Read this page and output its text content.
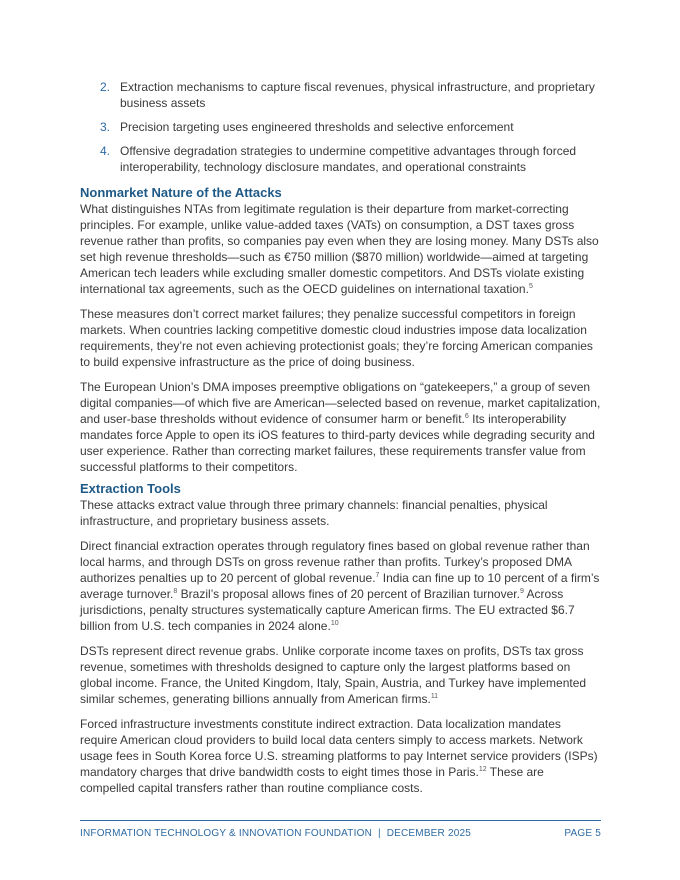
2. Extraction mechanisms to capture fiscal revenues, physical infrastructure, and proprietary business assets
3. Precision targeting uses engineered thresholds and selective enforcement
4. Offensive degradation strategies to undermine competitive advantages through forced interoperability, technology disclosure mandates, and operational constraints
Nonmarket Nature of the Attacks

What distinguishes NTAs from legitimate regulation is their departure from market-correcting principles. For example, unlike value-added taxes (VATs) on consumption, a DST taxes gross revenue rather than profits, so companies pay even when they are losing money. Many DSTs also set high revenue thresholds—such as €750 million ($870 million) worldwide—aimed at targeting American tech leaders while excluding smaller domestic competitors. And DSTs violate existing international tax agreements, such as the OECD guidelines on international taxation.$^5$

These measures don’t correct market failures; they penalize successful competitors in foreign markets. When countries lacking competitive domestic cloud industries impose data localization requirements, they’re not even achieving protectionist goals; they’re forcing American companies to build expensive infrastructure as the price of doing business.

The European Union’s DMA imposes preemptive obligations on “gatekeepers,” a group of seven digital companies—of which five are American—selected based on revenue, market capitalization, and user-base thresholds without evidence of consumer harm or benefit.$^6$ Its interoperability mandates force Apple to open its iOS features to third-party devices while degrading security and user experience. Rather than correcting market failures, these requirements transfer value from successful platforms to their competitors.

Extraction Tools

These attacks extract value through three primary channels: financial penalties, physical infrastructure, and proprietary business assets.

Direct financial extraction operates through regulatory fines based on global revenue rather than local harms, and through DSTs on gross revenue rather than profits. Turkey’s proposed DMA authorizes penalties up to 20 percent of global revenue.$^7$ India can fine up to 10 percent of a firm’s average turnover.$^8$ Brazil’s proposal allows fines of 20 percent of Brazilian turnover.$^9$ Across jurisdictions, penalty structures systematically capture American firms. The EU extracted $6.7 billion from U.S. tech companies in 2024 alone.$^{10}$

DSTs represent direct revenue grabs. Unlike corporate income taxes on profits, DSTs tax gross revenue, sometimes with thresholds designed to capture only the largest platforms based on global income. France, the United Kingdom, Italy, Spain, Austria, and Turkey have implemented similar schemes, generating billions annually from American firms.$^{11}$

Forced infrastructure investments constitute indirect extraction. Data localization mandates require American cloud providers to build local data centers simply to access markets. Network usage fees in South Korea force U.S. streaming platforms to pay Internet service providers (ISPs) mandatory charges that drive bandwidth costs to eight times those in Paris.$^{12}$ These are compelled capital transfers rather than routine compliance costs.

INFORMATION TECHNOLOGY & INNOVATION FOUNDATION  |  DECEMBER 2025	PAGE 5
